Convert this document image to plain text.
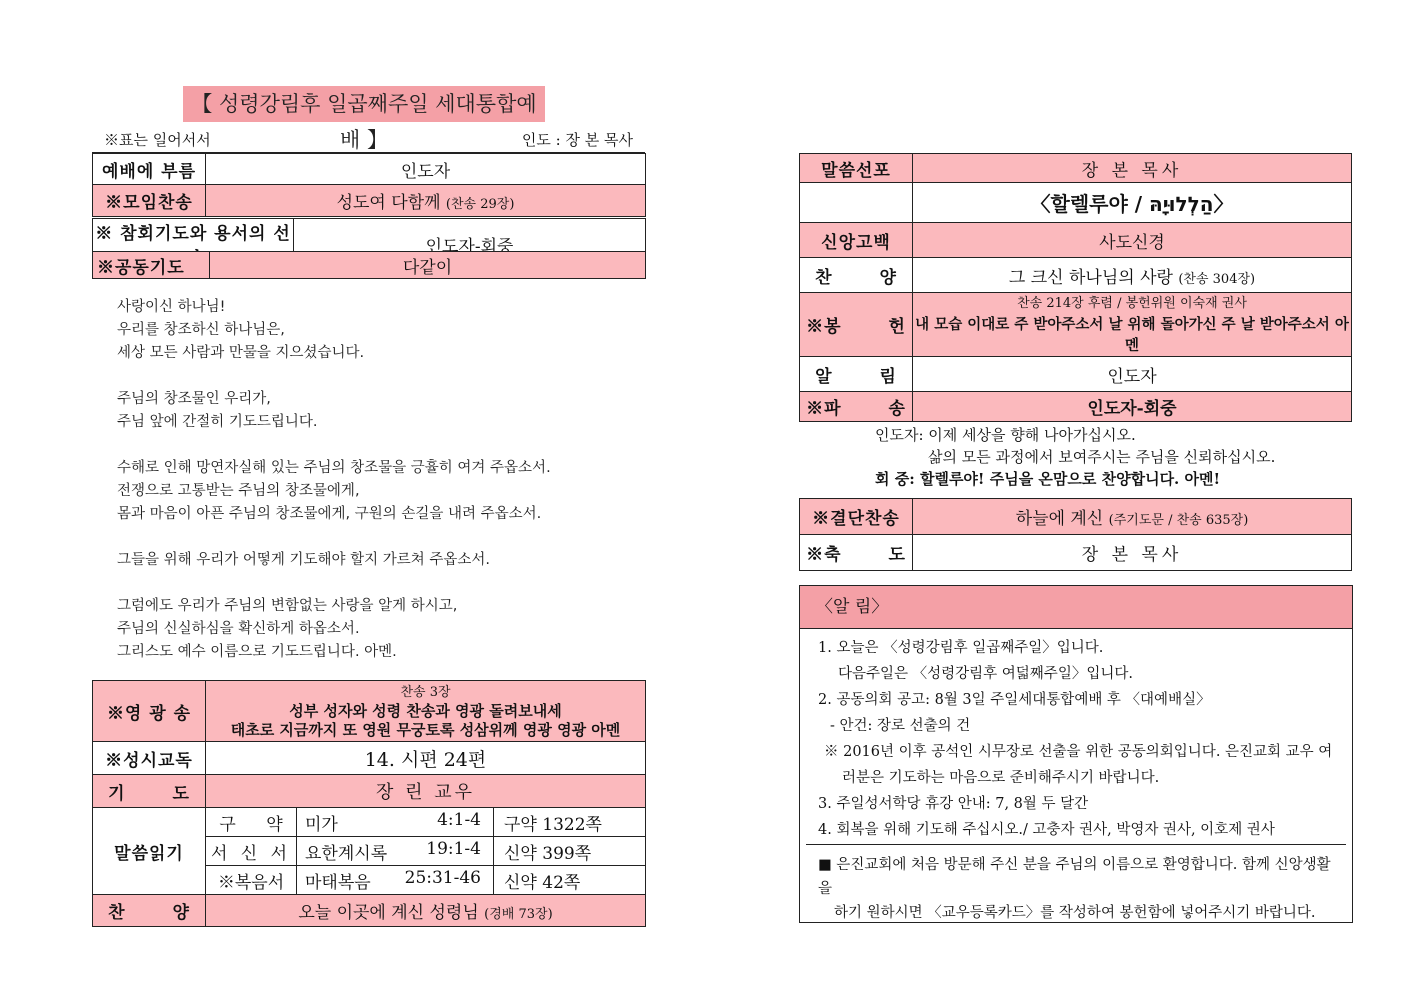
【 성령강림후 일곱째주일 세대통합예배 】
※표는 일어서서	인도 : 장 본 목사
예배에 부름	인도자
※모임찬송	성도여 다함께 (찬송 29장)
※ 참회기도와 용서의 선언	인도자-회중
※공동기도	다같이
사랑이신 하나님!
우리를 창조하신 하나님은,
세상 모든 사람과 만물을 지으셨습니다.
주님의 창조물인 우리가,
주님 앞에 간절히 기도드립니다.
수해로 인해 망연자실해 있는 주님의 창조물을 긍휼히 여겨 주옵소서.
전쟁으로 고통받는 주님의 창조물에게,
몸과 마음이 아픈 주님의 창조물에게, 구원의 손길을 내려 주옵소서.
그들을 위해 우리가 어떻게 기도해야 할지 가르쳐 주옵소서.
그럼에도 우리가 주님의 변함없는 사랑을 알게 하시고,
주님의 신실하심을 확신하게 하옵소서.
그리스도 예수 이름으로 기도드립니다. 아멘.
※영 광 송	찬송 3장
성부 성자와 성령 찬송과 영광 돌려보내세
태초로 지금까지 또 영원 무궁토록 성삼위께 영광 영광 아멘		

※성시교독	14. 시편 24편		
기 도	장 린 교우		
말씀읽기	구 약	미가 4:1-4	구약 1322쪽
	서 신 서	요한계시록 19:1-4	신약 399쪽
	※복음서	마태복음 25:31-46	신약 42쪽
찬 양	오늘 이곳에 계신 성령님 (경배 73장)		
말씀선포	장 본 목사
	〈할렐루야 / הַלְלוּיָהּ〉
신앙고백	사도신경
찬 양	그 크신 하나님의 사랑 (찬송 304장)
※봉 헌	찬송 214장 후렴 / 봉헌위원 이숙재 권사
내 모습 이대로 주 받아주소서 날 위해 돌아가신 주 날 받아주소서 아멘

알 림	인도자
※파 송	인도자-회중
인도자: 이제 세상을 향해 나아가십시오.
삶의 모든 과정에서 보여주시는 주님을 신뢰하십시오.
회 중: 할렐루야! 주님을 온맘으로 찬양합니다. 아멘!
※결단찬송	하늘에 계신 (주기도문 / 찬송 635장)
※축 도	장 본 목사
〈알 림〉
1. 오늘은 〈성령강림후 일곱째주일〉입니다.
다음주일은 〈성령강림후 여덟째주일〉입니다.
2. 공동의회 공고: 8월 3일 주일세대통합예배 후 〈대예배실〉
- 안건: 장로 선출의 건
※ 2016년 이후 공석인 시무장로 선출을 위한 공동의회입니다. 은진교회 교우 여
러분은 기도하는 마음으로 준비해주시기 바랍니다.
3. 주일성서학당 휴강 안내: 7, 8월 두 달간
4. 회복을 위해 기도해 주십시오./ 고충자 권사, 박영자 권사, 이호제 권사
■ 은진교회에 처음 방문해 주신 분을 주님의 이름으로 환영합니다. 함께 신앙생활을
하기 원하시면 〈교우등록카드〉를 작성하여 봉헌함에 넣어주시기 바랍니다.
